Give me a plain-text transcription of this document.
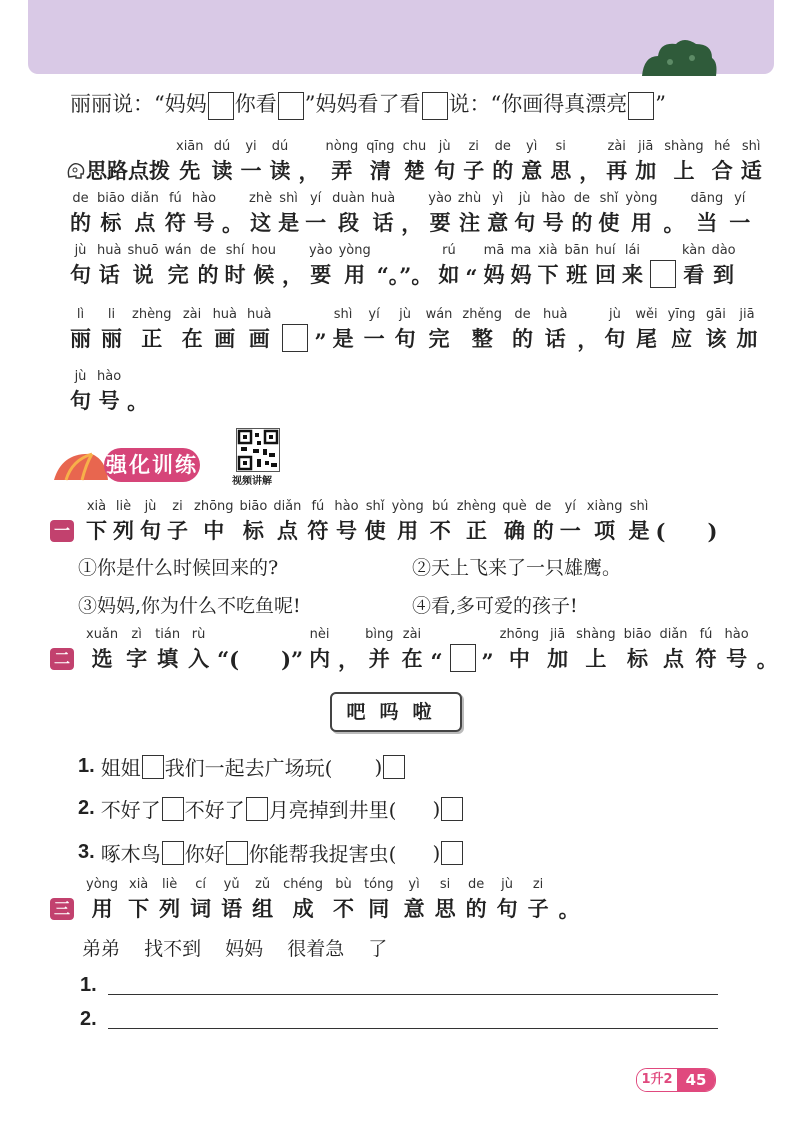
丽丽说：“妈妈 你看 ”妈妈看了看 说：“你画得真漂亮 ”
思路点拨
xiān
先
dú
读
yi
一
dú
读 ，
nòng
弄
qīng
清
chu
楚
jù
句
zi
子
de
的
yì
意
si
思 ，
zài
再
jiā
加
shàng
上
hé
合
shì
适
de
的
biāo
标
diǎn
点
fú
符
hào
号 。
zhè
这
shì
是
yí
一
duàn
段
huà
话 ，
yào
要
zhù
注
yì
意
jù
句
hào
号
de
的
shǐ
使
yòng
用 。
dāng
当
yí
一
jù
句
huà
话
shuō
说
wán
完
de
的
shí
时
hou
候 ，
yào
要
yòng
用 “。”。
rú
如 “
mā
妈
ma
妈
xià
下
bān
班
huí
回
lái
来
kàn
看
dào
到
lì
丽
li
丽
zhèng
正
zài
在
huà
画
huà
画 ”
shì
是
yí
一
jù
句
wán
完
zhěng
整
de
的
huà
话 ，
jù
句
wěi
尾
yīng
应
gāi
该
jiā
加
jù
句
hào
号 。
强化训练
视频讲解
一
xià
下
liè
列
jù
句
zi
子
zhōng
中
biāo
标
diǎn
点
fú
符
hào
号
shǐ
使
yòng
用
bú
不
zhèng
正
què
确
de
的
yí
一
xiàng
项
shì
是 (　　)
①你是什么时候回来的?	②天上飞来了一只雄鹰。
③妈妈,你为什么不吃鱼呢!	④看,多可爱的孩子!
二
xuǎn
选
zì
字
tián
填
rù
入 “(　　)”
nèi
内 ，
bìng
并
zài
在 “ ”
zhōng
中
jiā
加
shàng
上
biāo
标
diǎn
点
fú
符
hào
号 。
吧吗啦
1. 姐姐 我们一起去广场玩( )
2. 不好了 不好了 月亮掉到井里( )
3. 啄木鸟 你好 你能帮我捉害虫( )
三
yòng
用
xià
下
liè
列
cí
词
yǔ
语
zǔ
组
chéng
成
bù
不
tóng
同
yì
意
si
思
de
的
jù
句
zi
子 。
弟弟 找不到 妈妈 很着急 了
1.
2.
1升2 45
